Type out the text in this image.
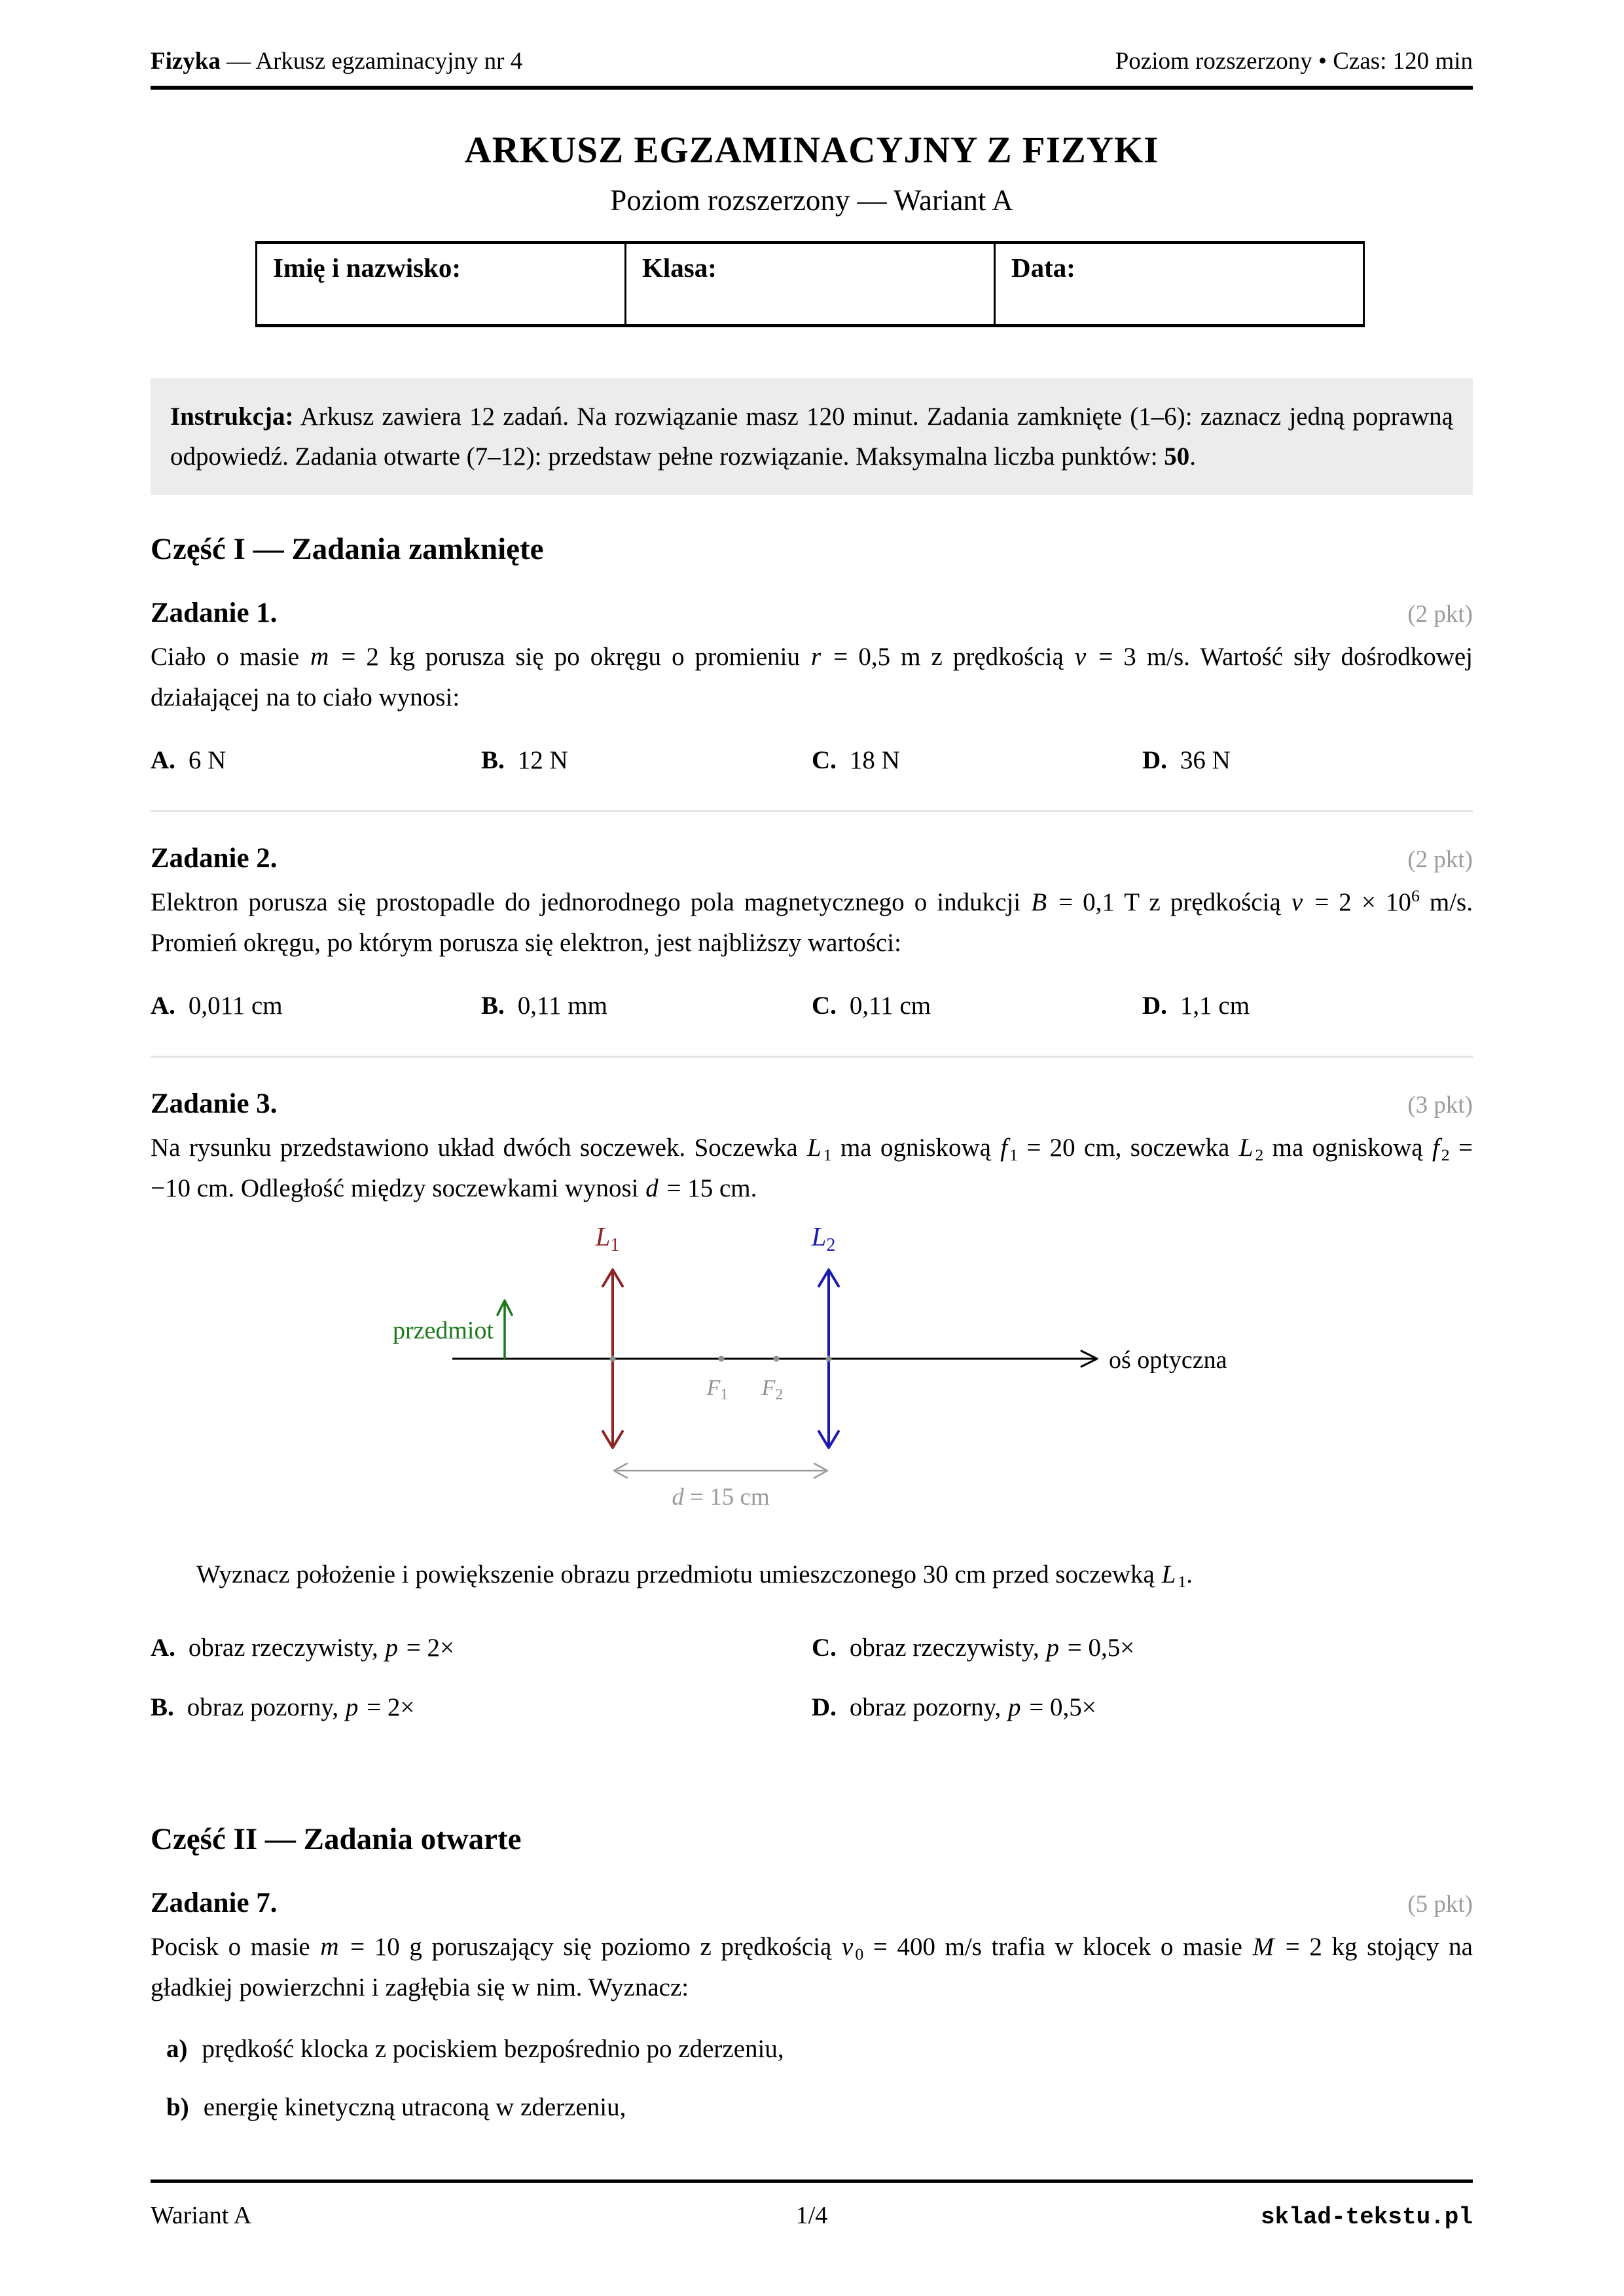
Fizyka — Arkusz egzaminacyjny nr 4	Poziom rozszerzony • Czas: 120 min
ARKUSZ EGZAMINACYJNY Z FIZYKI
Poziom rozszerzony — Wariant A
Imię i nazwisko:	Klasa:	Data:
Instrukcja: Arkusz zawiera 12 zadań. Na rozwiązanie masz 120 minut. Zadania zamknięte (1–6): zaznacz jedną poprawną odpowiedź. Zadania otwarte (7–12): przedstaw pełne rozwiązanie. Maksymalna liczba punktów: 50.
Część I — Zadania zamknięte
Zadanie 1.	(2 pkt)
Ciało o masie m = 2 kg porusza się po okręgu o promieniu r = 0,5 m z prędkością v = 3 m/s. Wartość siły dośrodkowej działającej na to ciało wynosi:
A. 6 N	B. 12 N	C. 18 N	D. 36 N
Zadanie 2.	(2 pkt)
Elektron porusza się prostopadle do jednorodnego pola magnetycznego o indukcji B = 0,1 T z prędkością $v = 2 \times 10^6$ m/s. Promień okręgu, po którym porusza się elektron, jest najbliższy wartości:
A. 0,011 cm	B. 0,11 mm	C. 0,11 cm	D. 1,1 cm
Zadanie 3.	(3 pkt)
Na rysunku przedstawiono układ dwóch soczewek. Soczewka L $_1$ ma ogniskową f $_1$ = 20 cm, soczewka L $_2$ ma ogniskową f $_2$ = −10 cm. Odległość między soczewkami wynosi d = 15 cm.
oś optyczna
przedmiot
L1	L2
$F_1$ $F_2$
d = 15 cm
Wyznacz położenie i powiększenie obrazu przedmiotu umieszczonego 30 cm przed soczewką L $_1$.
A. obraz rzeczywisty, p = 2×	C. obraz rzeczywisty, p = 0,5×
B. obraz pozorny, p = 2×	D. obraz pozorny, p = 0,5×
Część II — Zadania otwarte
Zadanie 7.	(5 pkt)
Pocisk o masie m = 10 g poruszający się poziomo z prędkością v $_0$ = 400 m/s trafia w klocek o masie M = 2 kg stojący na gładkiej powierzchni i zagłębia się w nim. Wyznacz:
a) prędkość klocka z pociskiem bezpośrednio po zderzeniu,
b) energię kinetyczną utraconą w zderzeniu,
Wariant A	1/4	sklad-tekstu.pl
